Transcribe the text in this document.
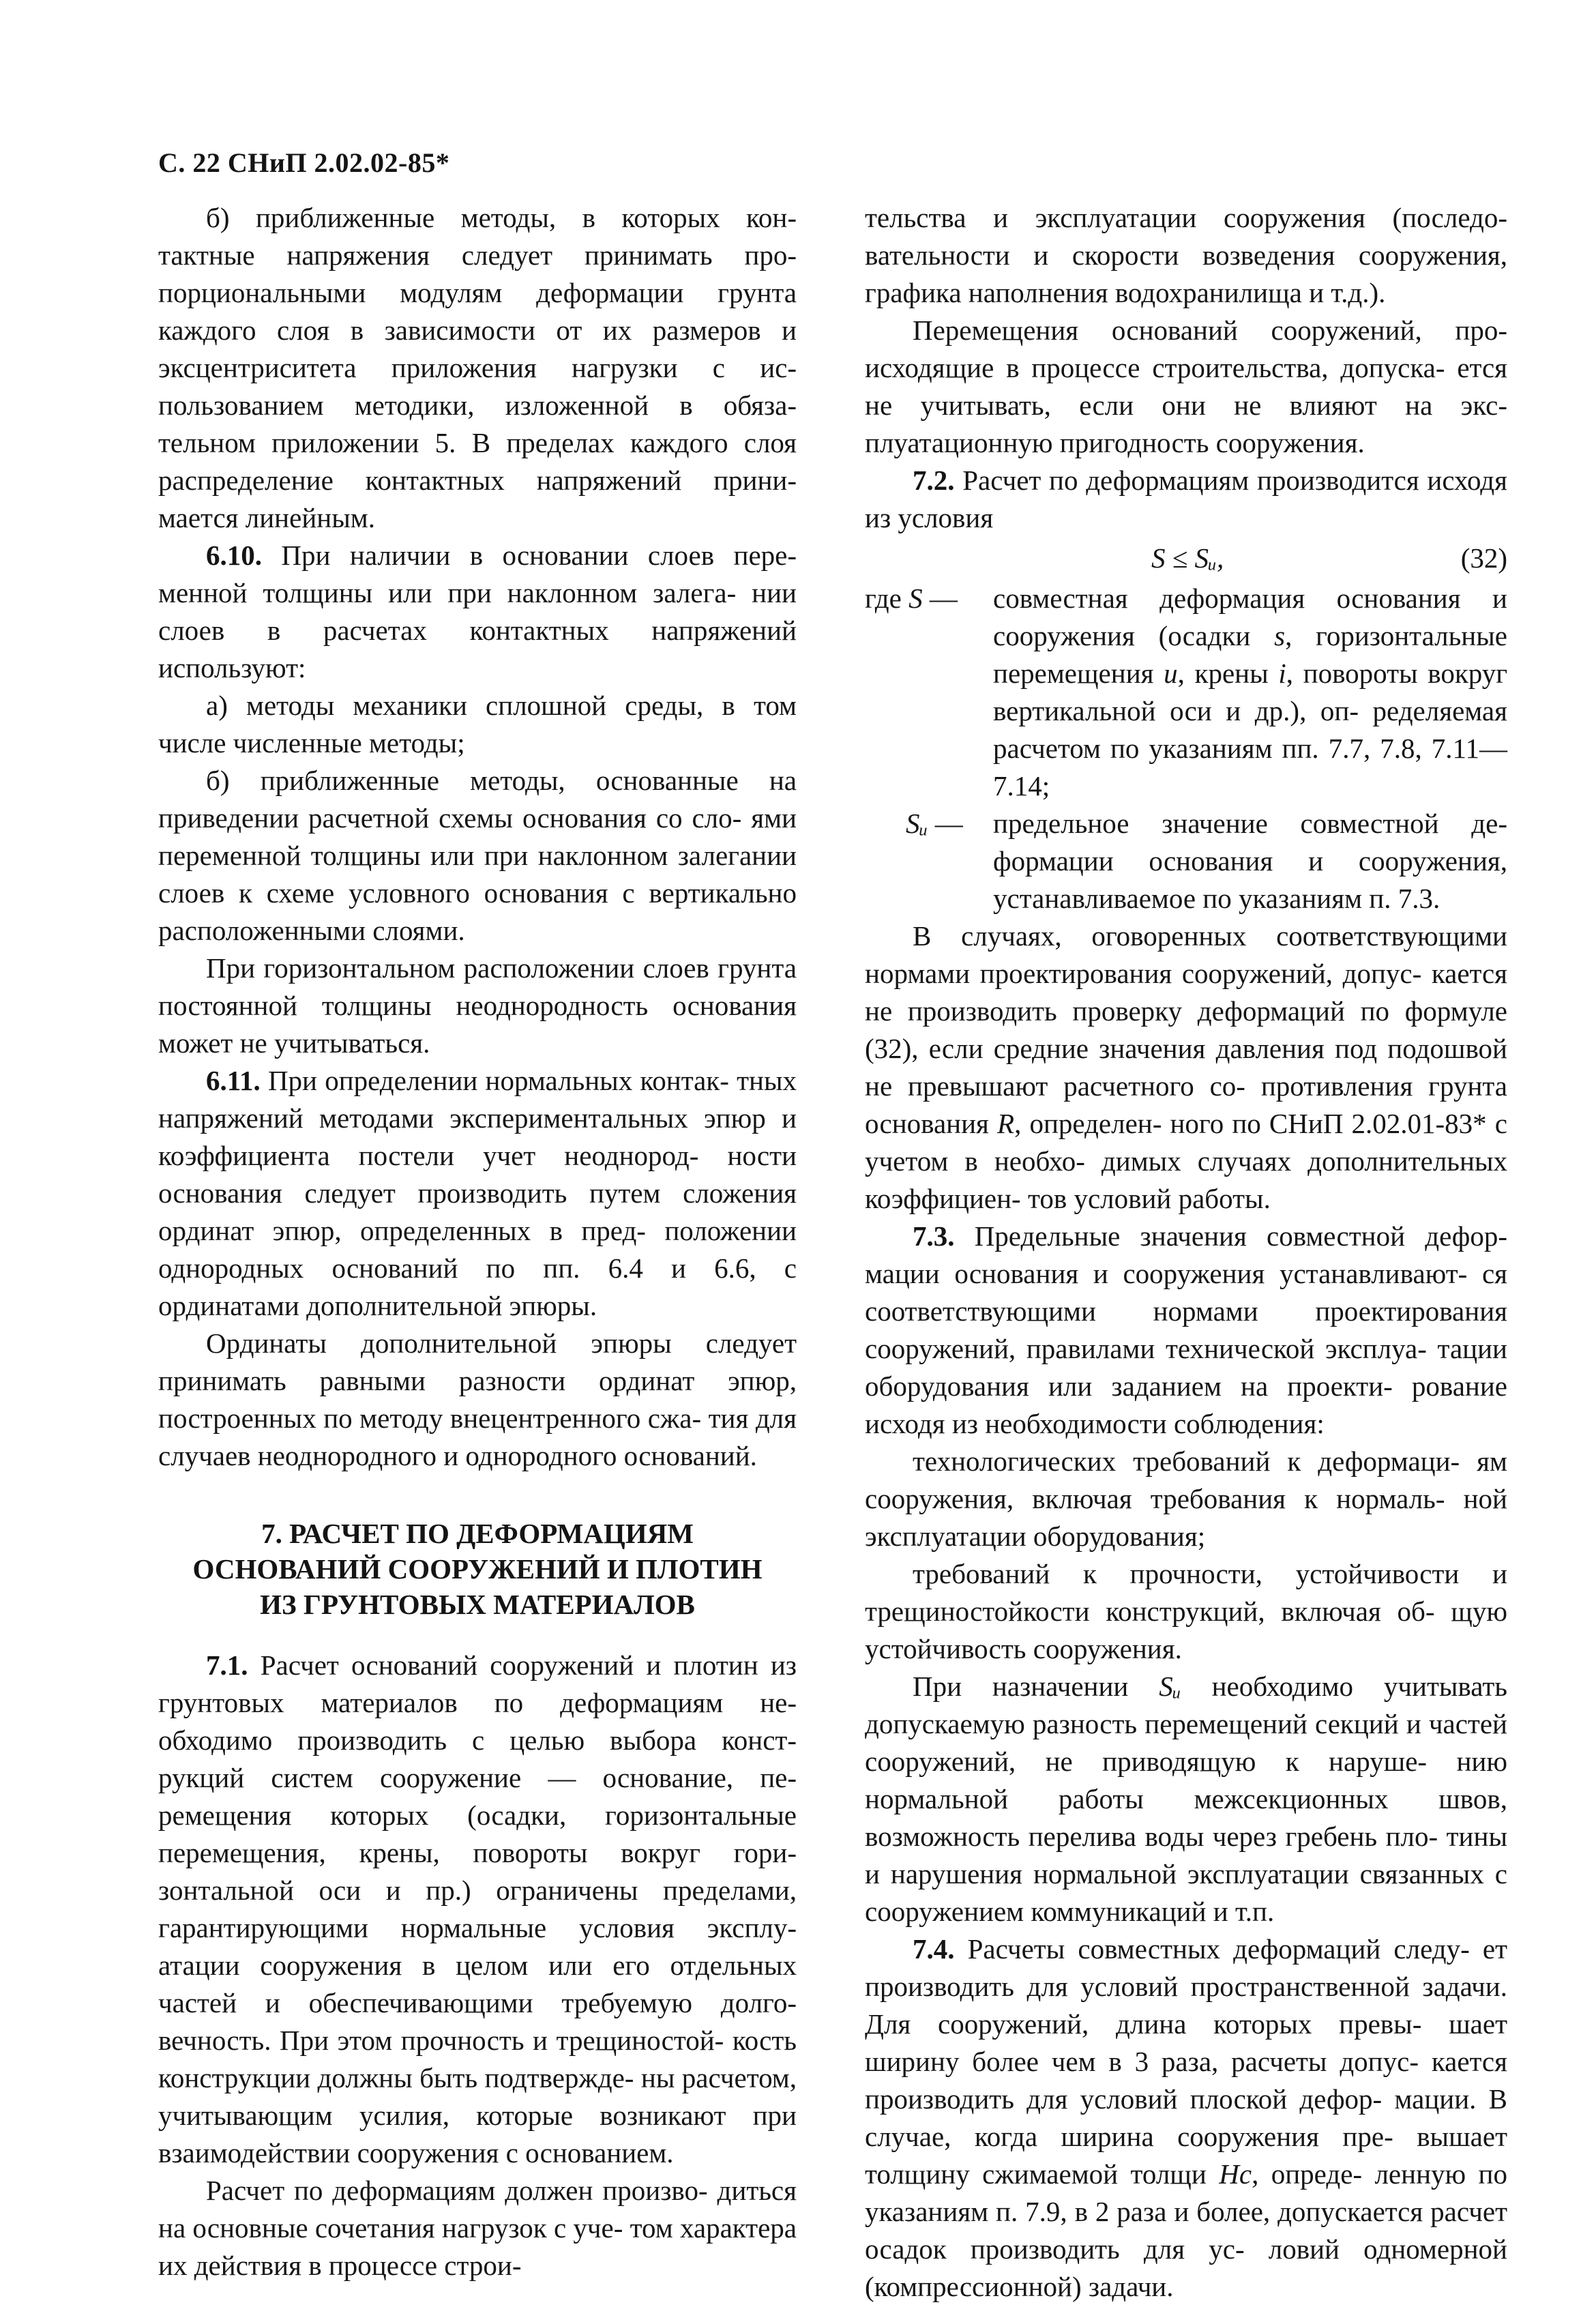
С. 22 СНиП 2.02.02-85*

б) приближенные методы, в которых кон- тактные напряжения следует принимать про- порциональными модулям деформации грунта каждого слоя в зависимости от их размеров и эксцентриситета приложения нагрузки с ис- пользованием методики, изложенной в обяза- тельном приложении 5. В пределах каждого слоя распределение контактных напряжений прини- мается линейным.

6.10. При наличии в основании слоев пере- менной толщины или при наклонном залега- нии слоев в расчетах контактных напряжений используют:

а) методы механики сплошной среды, в том числе численные методы;

б) приближенные методы, основанные на приведении расчетной схемы основания со сло- ями переменной толщины или при наклонном залегании слоев к схеме условного основания с вертикально расположенными слоями.

При горизонтальном расположении слоев грунта постоянной толщины неоднородность основания может не учитываться.

6.11. При определении нормальных контак- тных напряжений методами экспериментальных эпюр и коэффициента постели учет неоднород- ности основания следует производить путем сложения ординат эпюр, определенных в пред- положении однородных оснований по пп. 6.4 и 6.6, с ординатами дополнительной эпюры.

Ординаты дополнительной эпюры следует принимать равными разности ординат эпюр, построенных по методу внецентренного сжа- тия для случаев неоднородного и однородного оснований.

7. РАСЧЕТ ПО ДЕФОРМАЦИЯМ
ОСНОВАНИЙ СООРУЖЕНИЙ И ПЛОТИН
ИЗ ГРУНТОВЫХ МАТЕРИАЛОВ

7.1. Расчет оснований сооружений и плотин из грунтовых материалов по деформациям не- обходимо производить с целью выбора конст- рукций систем сооружение — основание, пе- ремещения которых (осадки, горизонтальные перемещения, крены, повороты вокруг гори- зонтальной оси и пр.) ограничены пределами, гарантирующими нормальные условия эксплу- атации сооружения в целом или его отдельных частей и обеспечивающими требуемую долго- вечность. При этом прочность и трещиностой- кость конструкции должны быть подтвержде- ны расчетом, учитывающим усилия, которые возникают при взаимодействии сооружения с основанием.

Расчет по деформациям должен произво- диться на основные сочетания нагрузок с уче- том характера их действия в процессе строи-

тельства и эксплуатации сооружения (последо- вательности и скорости возведения сооружения, графика наполнения водохранилища и т.д.).

Перемещения оснований сооружений, про- исходящие в процессе строительства, допуска- ется не учитывать, если они не влияют на экс- плуатационную пригодность сооружения.

7.2. Расчет по деформациям производится исходя из условия

S ≤ Sᵤ,	(32)
где S —	совместная деформация основания и сооружения (осадки s, горизонтальные перемещения u, крены i, повороты вокруг вертикальной оси и др.), оп- ределяемая расчетом по указаниям пп. 7.7, 7.8, 7.11—7.14;
Sᵤ —	предельное значение совместной де- формации основания и сооружения, устанавливаемое по указаниям п. 7.3.

В случаях, оговоренных соответствующими нормами проектирования сооружений, допус- кается не производить проверку деформаций по формуле (32), если средние значения давления под подошвой не превышают расчетного со- противления грунта основания R, определен- ного по СНиП 2.02.01-83* с учетом в необхо- димых случаях дополнительных коэффициен- тов условий работы.

7.3. Предельные значения совместной дефор- мации основания и сооружения устанавливают- ся соответствующими нормами проектирования сооружений, правилами технической эксплуа- тации оборудования или заданием на проекти- рование исходя из необходимости соблюдения:

технологических требований к деформаци- ям сооружения, включая требования к нормаль- ной эксплуатации оборудования;

требований к прочности, устойчивости и трещиностойкости конструкций, включая об- щую устойчивость сооружения.

При назначении Sᵤ необходимо учитывать допускаемую разность перемещений секций и частей сооружений, не приводящую к наруше- нию нормальной работы межсекционных швов, возможность перелива воды через гребень пло- тины и нарушения нормальной эксплуатации связанных с сооружением коммуникаций и т.п.

7.4. Расчеты совместных деформаций следу- ет производить для условий пространственной задачи. Для сооружений, длина которых превы- шает ширину более чем в 3 раза, расчеты допус- кается производить для условий плоской дефор- мации. В случае, когда ширина сооружения пре- вышает толщину сжимаемой толщи Hc, опреде- ленную по указаниям п. 7.9, в 2 раза и более, допускается расчет осадок производить для ус- ловий одномерной (компрессионной) задачи.
